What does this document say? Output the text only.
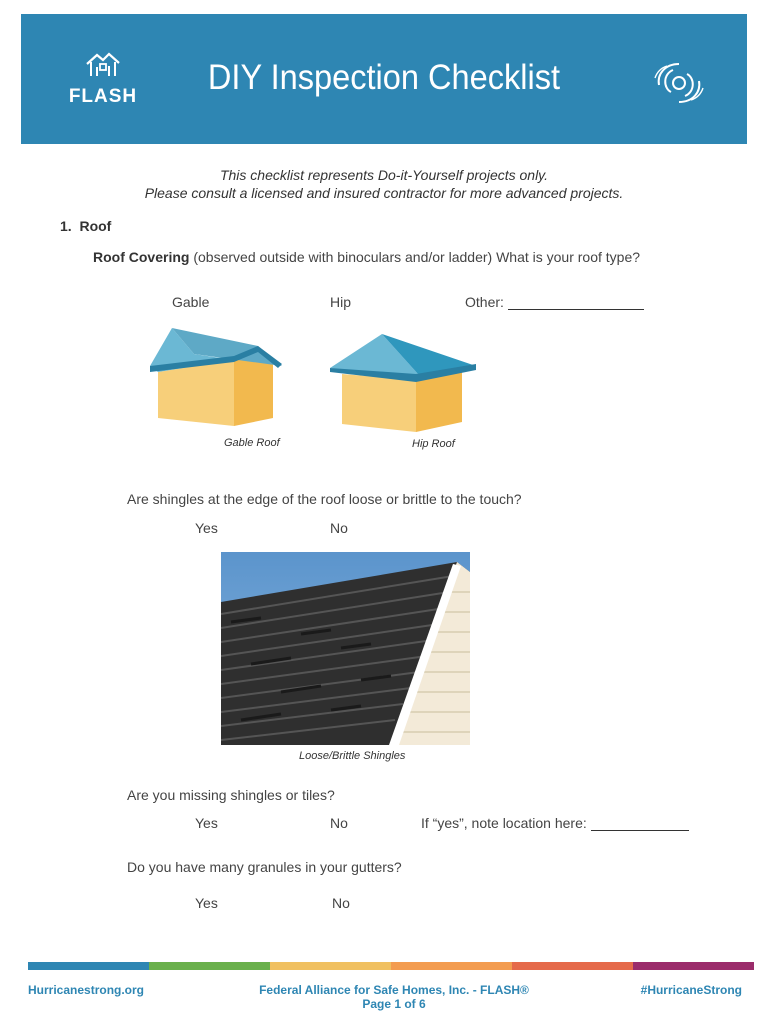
FLASH	DIY Inspection Checklist
This checklist represents Do-it-Yourself projects only.
Please consult a licensed and insured contractor for more advanced projects.
1. Roof
Roof Covering (observed outside with binoculars and/or ladder) What is your roof type?
Gable	Hip	Other:
Gable Roof	Hip Roof
Are shingles at the edge of the roof loose or brittle to the touch?
Yes	No
Loose/Brittle Shingles
Are you missing shingles or tiles?
Yes	No	If “yes”, note location here:
Do you have many granules in your gutters?
Yes	No
Hurricanestrong.org	Federal Alliance for Safe Homes, Inc. - FLASH®
Page 1 of 6
#HurricaneStrong
